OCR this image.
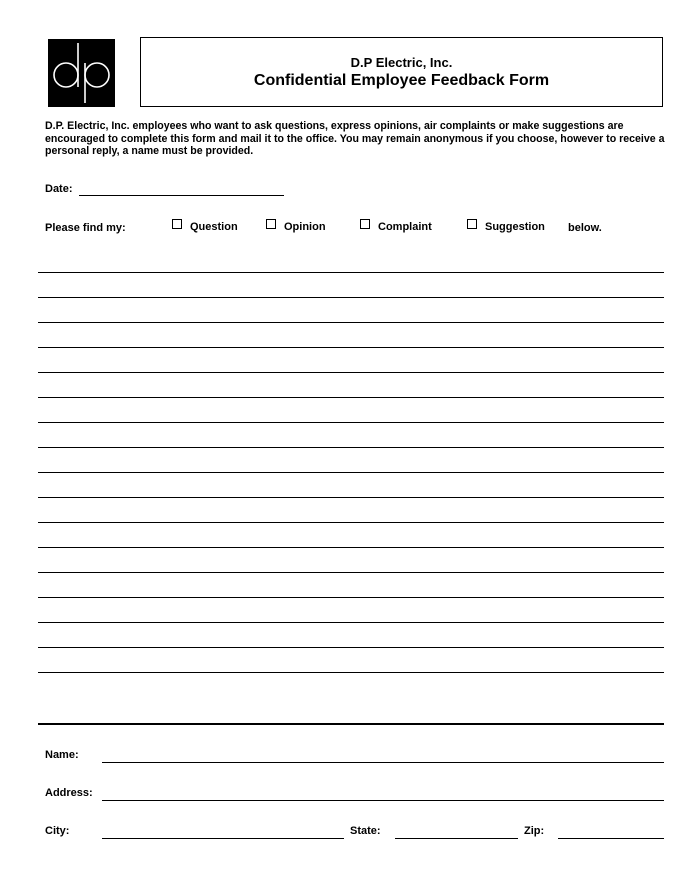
D.P Electric, Inc.
Confidential Employee Feedback Form
D.P. Electric, Inc. employees who want to ask questions, express opinions, air complaints or make suggestions are encouraged to complete this form and mail it to the office. You may remain anonymous if you choose, however to receive a personal reply, a name must be provided.
Date:
Please find my:	Question	Opinion	Complaint	Suggestion below.
Name:
Address:
City:	State:	Zip:
